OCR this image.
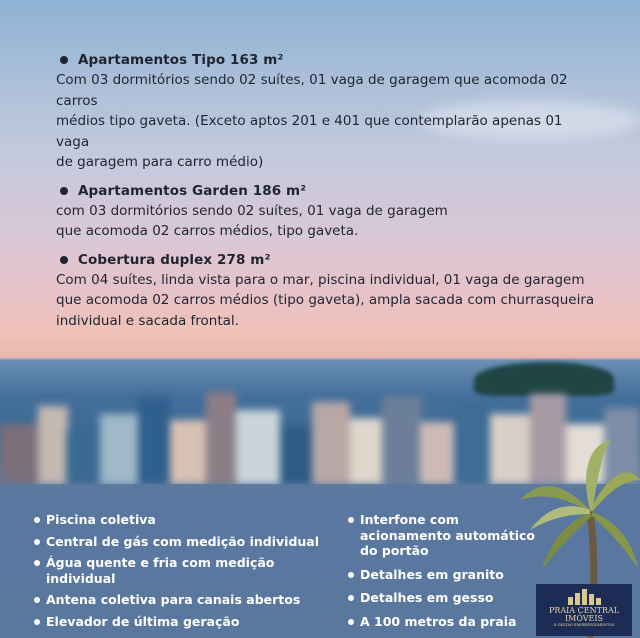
Apartamentos Tipo 163 m²
Com 03 dormitórios sendo 02 suítes, 01 vaga de garagem que acomoda 02 carros
médios tipo gaveta. (Exceto aptos 201 e 401 que contemplarão apenas 01 vaga
de garagem para carro médio)
Apartamentos Garden 186 m²
com 03 dormitórios sendo 02 suítes, 01 vaga de garagem
que acomoda 02 carros médios, tipo gaveta.
Cobertura duplex 278 m²
Com 04 suítes, linda vista para o mar, piscina individual, 01 vaga de garagem
que acomoda 02 carros médios (tipo gaveta), ampla sacada com churrasqueira
individual e sacada frontal.
Piscina coletiva
Central de gás com medição individual
Água quente e fria com medição individual
Antena coletiva para canais abertos
Elevador de última geração
Interfone com acionamento automático do portão
Detalhes em granito
Detalhes em gesso
A 100 metros da praia
PRAIA CENTRAL
IMÓVEIS
& GESTÃO EMPREENDIMENTOS
